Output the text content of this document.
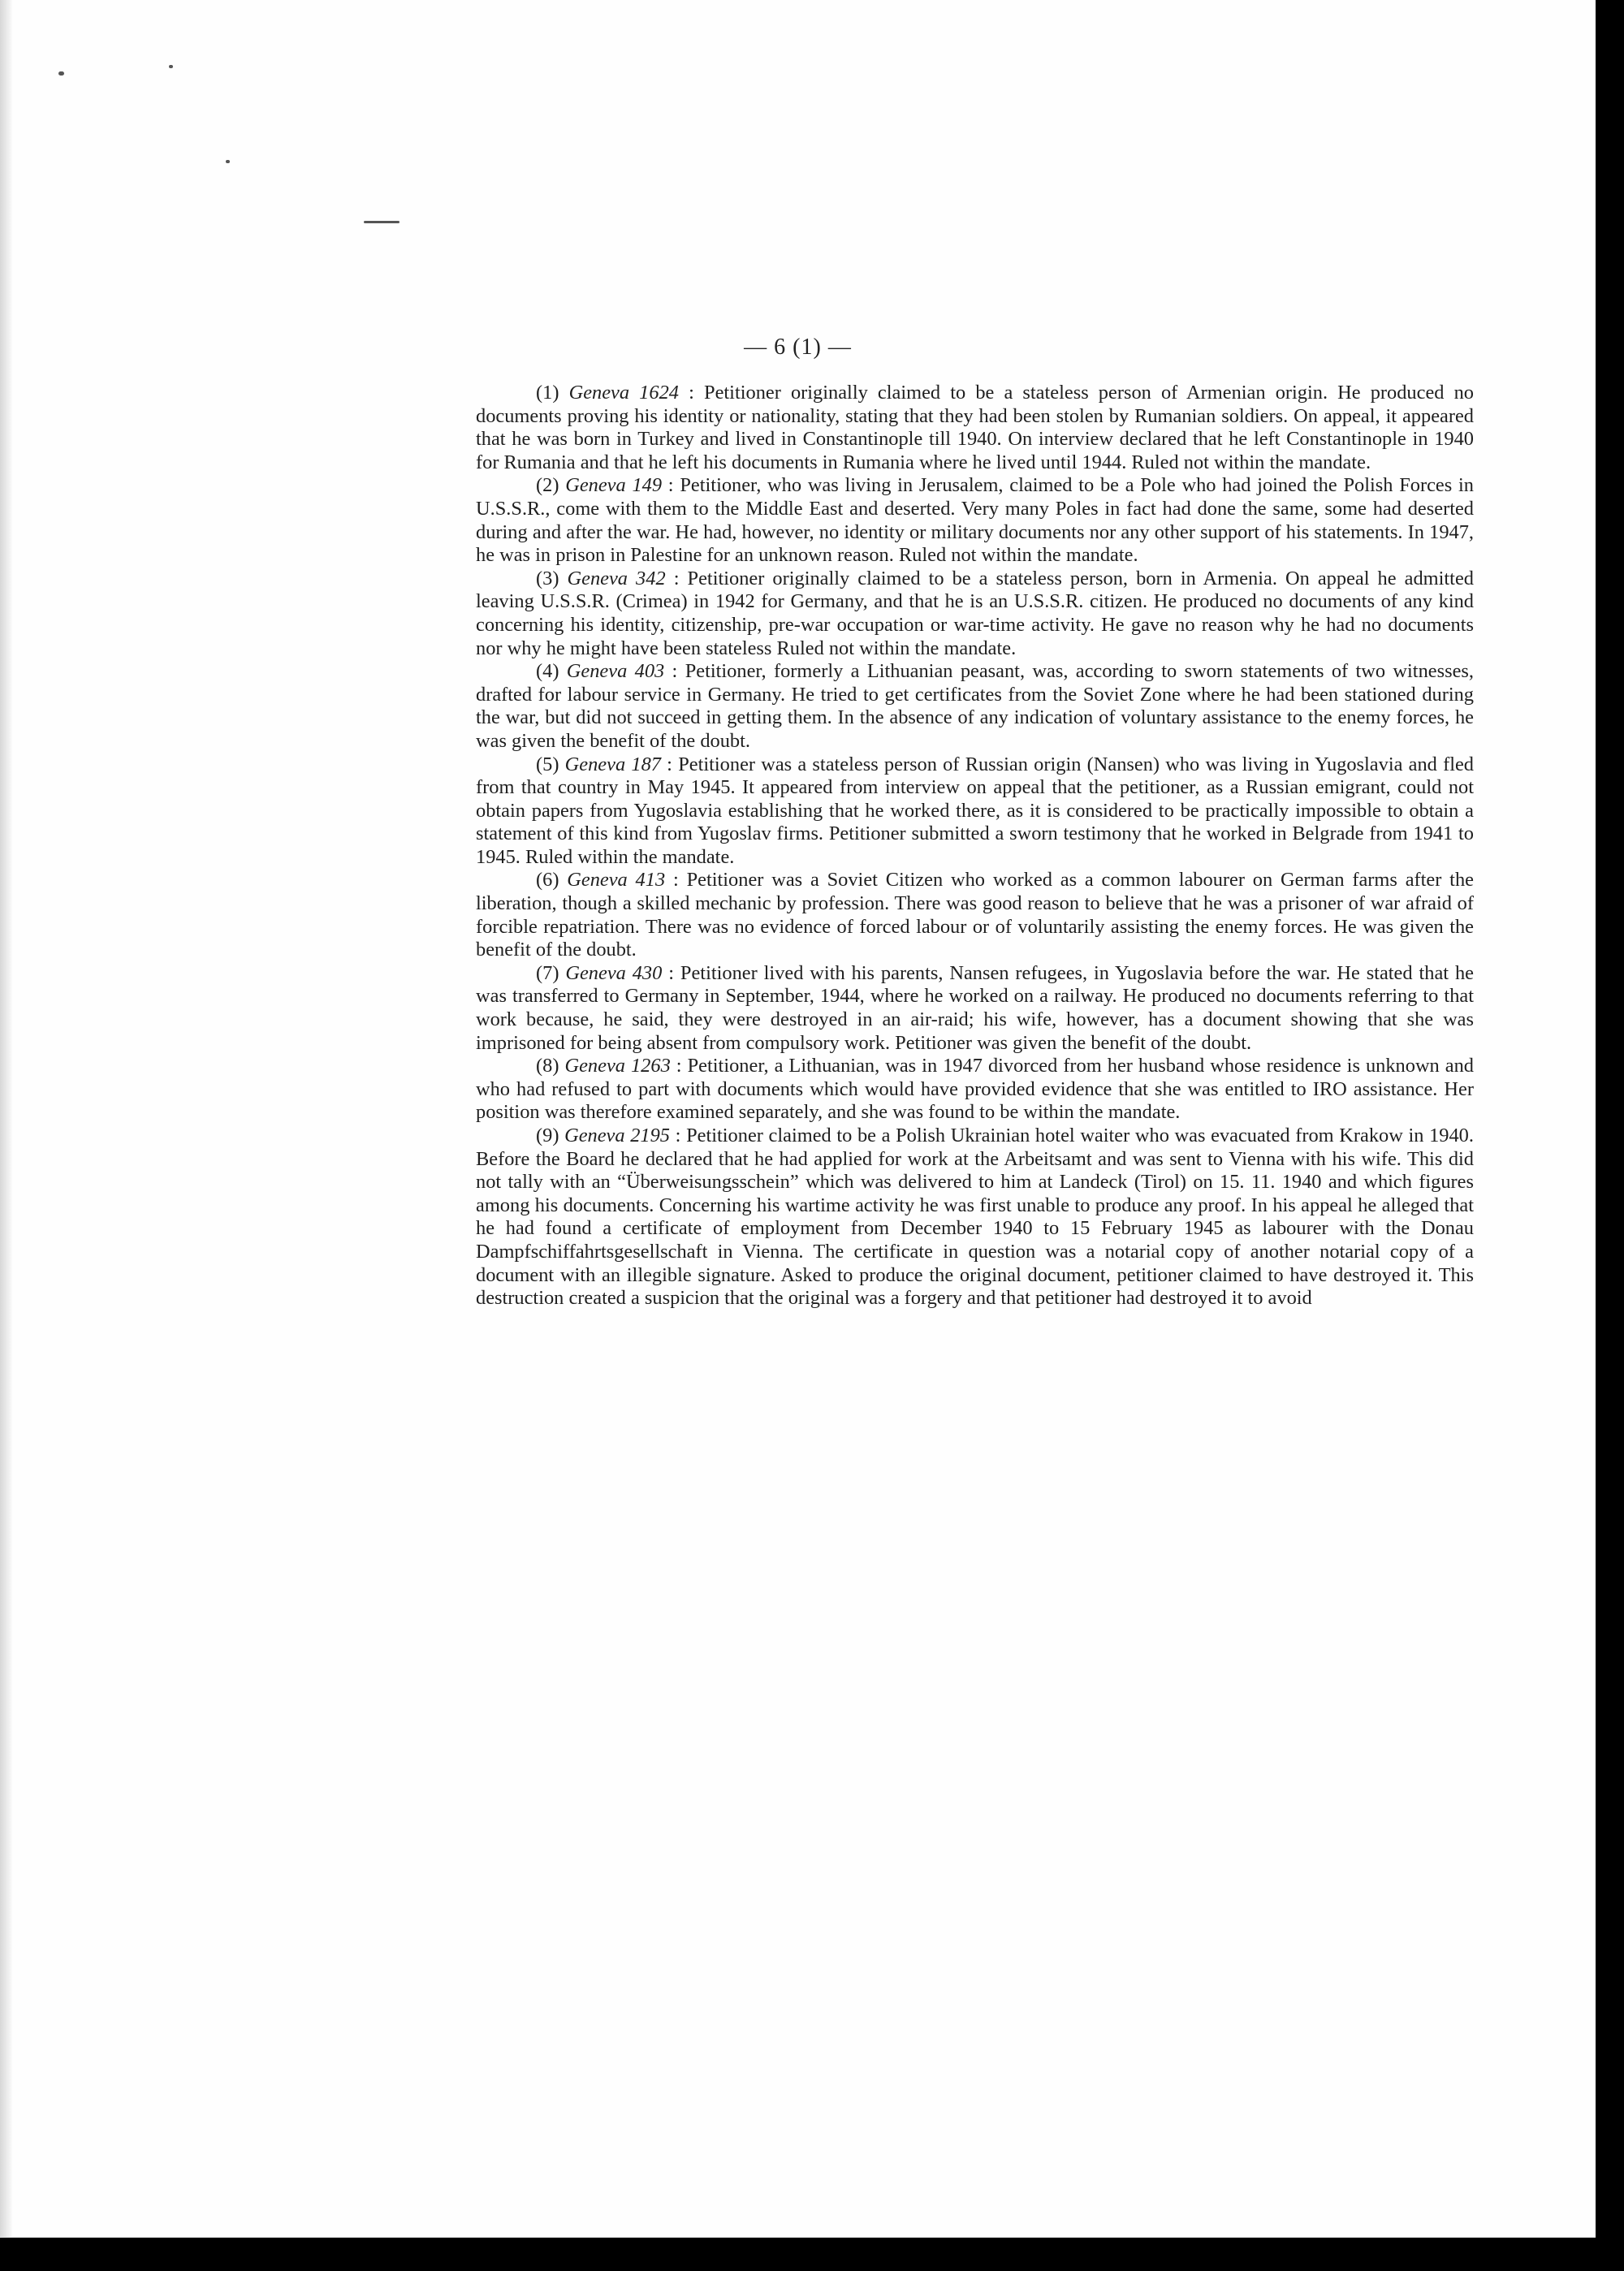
— 6 (1) —

(1) Geneva 1624 : Petitioner originally claimed to be a stateless person of Armenian origin. He produced no documents proving his identity or nationality, stating that they had been stolen by Rumanian soldiers. On appeal, it appeared that he was born in Turkey and lived in Constantinople till 1940. On interview declared that he left Constantinople in 1940 for Rumania and that he left his documents in Rumania where he lived until 1944. Ruled not within the mandate.

(2) Geneva 149 : Petitioner, who was living in Jerusalem, claimed to be a Pole who had joined the Polish Forces in U.S.S.R., come with them to the Middle East and deserted. Very many Poles in fact had done the same, some had deserted during and after the war. He had, however, no identity or military documents nor any other support of his statements. In 1947, he was in prison in Palestine for an unknown reason. Ruled not within the mandate.

(3) Geneva 342 : Petitioner originally claimed to be a stateless person, born in Armenia. On appeal he admitted leaving U.S.S.R. (Crimea) in 1942 for Germany, and that he is an U.S.S.R. citizen. He produced no documents of any kind concerning his identity, citizenship, pre-war occupation or war-time activity. He gave no reason why he had no documents nor why he might have been stateless Ruled not within the mandate.

(4) Geneva 403 : Petitioner, formerly a Lithuanian peasant, was, according to sworn statements of two witnesses, drafted for labour service in Germany. He tried to get certificates from the Soviet Zone where he had been stationed during the war, but did not succeed in getting them. In the absence of any indication of voluntary assistance to the enemy forces, he was given the benefit of the doubt.

(5) Geneva 187 : Petitioner was a stateless person of Russian origin (Nansen) who was living in Yugoslavia and fled from that country in May 1945. It appeared from interview on appeal that the petitioner, as a Russian emigrant, could not obtain papers from Yugoslavia establishing that he worked there, as it is considered to be practically impossible to obtain a statement of this kind from Yugoslav firms. Petitioner submitted a sworn testimony that he worked in Belgrade from 1941 to 1945. Ruled within the mandate.

(6) Geneva 413 : Petitioner was a Soviet Citizen who worked as a common labourer on German farms after the liberation, though a skilled mechanic by profession. There was good reason to believe that he was a prisoner of war afraid of forcible repatriation. There was no evidence of forced labour or of voluntarily assisting the enemy forces. He was given the benefit of the doubt.

(7) Geneva 430 : Petitioner lived with his parents, Nansen refugees, in Yugoslavia before the war. He stated that he was transferred to Germany in September, 1944, where he worked on a railway. He produced no documents referring to that work because, he said, they were destroyed in an air-raid; his wife, however, has a document showing that she was imprisoned for being absent from compulsory work. Petitioner was given the benefit of the doubt.

(8) Geneva 1263 : Petitioner, a Lithuanian, was in 1947 divorced from her husband whose residence is unknown and who had refused to part with documents which would have provided evidence that she was entitled to IRO assistance. Her position was therefore examined separately, and she was found to be within the mandate.

(9) Geneva 2195 : Petitioner claimed to be a Polish Ukrainian hotel waiter who was evacuated from Krakow in 1940. Before the Board he declared that he had applied for work at the Arbeitsamt and was sent to Vienna with his wife. This did not tally with an “Überweisungsschein” which was delivered to him at Landeck (Tirol) on 15. 11. 1940 and which figures among his documents. Concerning his wartime activity he was first unable to produce any proof. In his appeal he alleged that he had found a certificate of employment from December 1940 to 15 February 1945 as labourer with the Donau Dampfschiffahrtsgesellschaft in Vienna. The certificate in question was a notarial copy of another notarial copy of a document with an illegible signature. Asked to produce the original document, petitioner claimed to have destroyed it. This destruction created a suspicion that the original was a forgery and that petitioner had destroyed it to avoid
